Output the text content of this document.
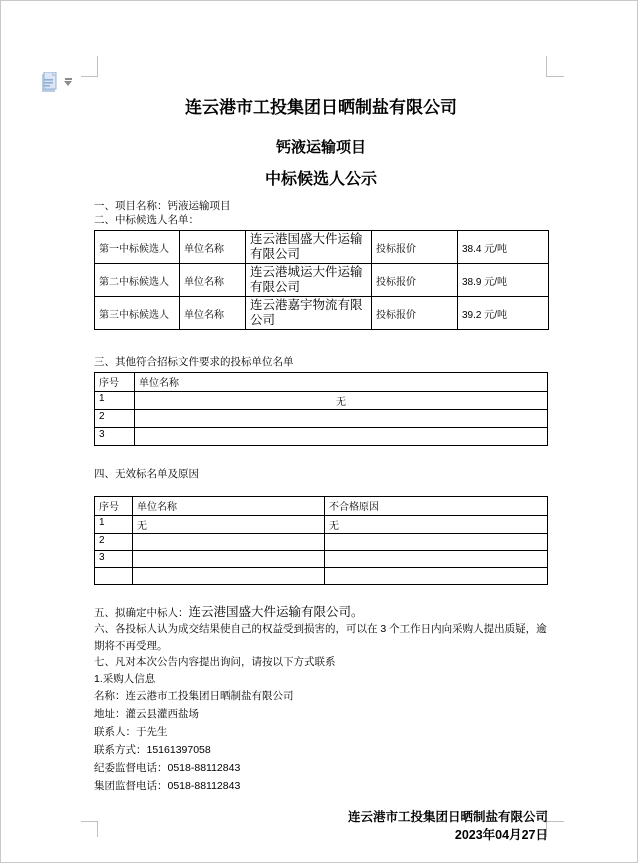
连云港市工投集团日晒制盐有限公司
钙液运输项目
中标候选人公示
一、项目名称：钙液运输项目
二、中标候选人名单：
第一中标候选人	单位名称	连云港国盛大件运输有限公司	投标报价	38.4 元/吨
第二中标候选人	单位名称	连云港城运大件运输有限公司	投标报价	38.9 元/吨
第三中标候选人	单位名称	连云港嘉宇物流有限公司	投标报价	39.2 元/吨
三、其他符合招标文件要求的投标单位名单
序号	单位名称
1	无
2	
3	
四、无效标名单及原因
序号	单位名称	不合格原因
1	无	无
2		
3		

五、拟确定中标人：连云港国盛大件运输有限公司。
六、各投标人认为成交结果使自己的权益受到损害的，可以在 3 个工作日内向采购人提出质疑，逾期将不再受理。
七、凡对本次公告内容提出询问，请按以下方式联系
1.采购人信息
名称：连云港市工投集团日晒制盐有限公司
地址：灌云县灌西盐场
联系人：于先生
联系方式：15161397058
纪委监督电话：0518-88112843
集团监督电话：0518-88112843
连云港市工投集团日晒制盐有限公司
2023年04月27日
